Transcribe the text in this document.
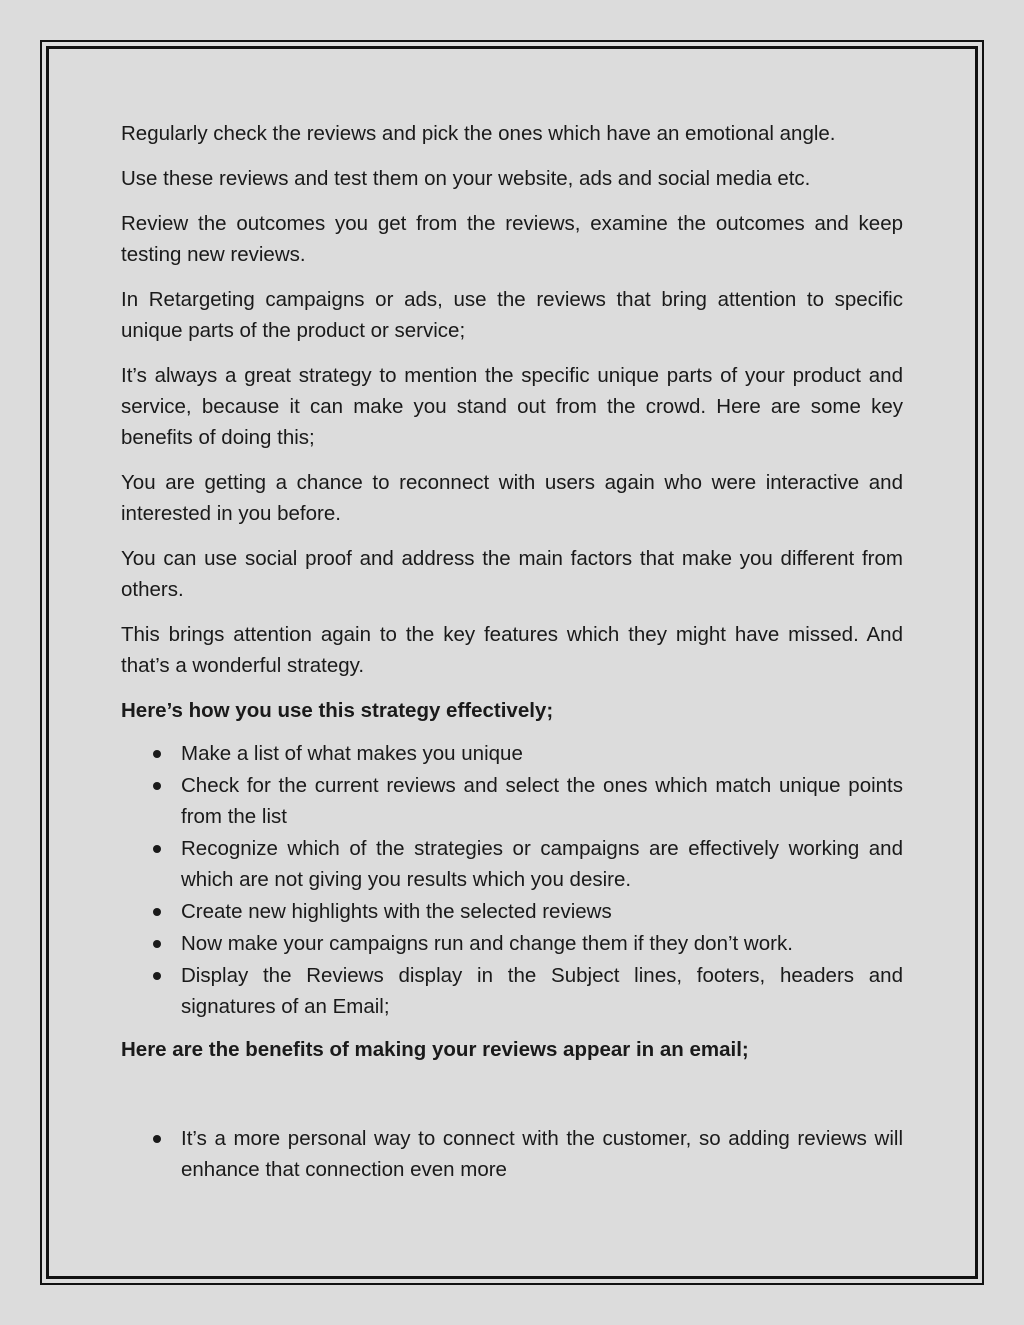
Regularly check the reviews and pick the ones which have an emotional angle.

Use these reviews and test them on your website, ads and social media etc.

Review the outcomes you get from the reviews, examine the outcomes and keep testing new reviews.

In Retargeting campaigns or ads, use the reviews that bring attention to specific unique parts of the product or service;

It’s always a great strategy to mention the specific unique parts of your product and service, because it can make you stand out from the crowd. Here are some key benefits of doing this;

You are getting a chance to reconnect with users again who were interactive and interested in you before.

You can use social proof and address the main factors that make you different from others.

This brings attention again to the key features which they might have missed. And that’s a wonderful strategy.

Here’s how you use this strategy effectively;

Make a list of what makes you unique
Check for the current reviews and select the ones which match unique points from the list
Recognize which of the strategies or campaigns are effectively working and which are not giving you results which you desire.
Create new highlights with the selected reviews
Now make your campaigns run and change them if they don’t work.
Display the Reviews display in the Subject lines, footers, headers and signatures of an Email;

Here are the benefits of making your reviews appear in an email;

It’s a more personal way to connect with the customer, so adding reviews will enhance that connection even more
